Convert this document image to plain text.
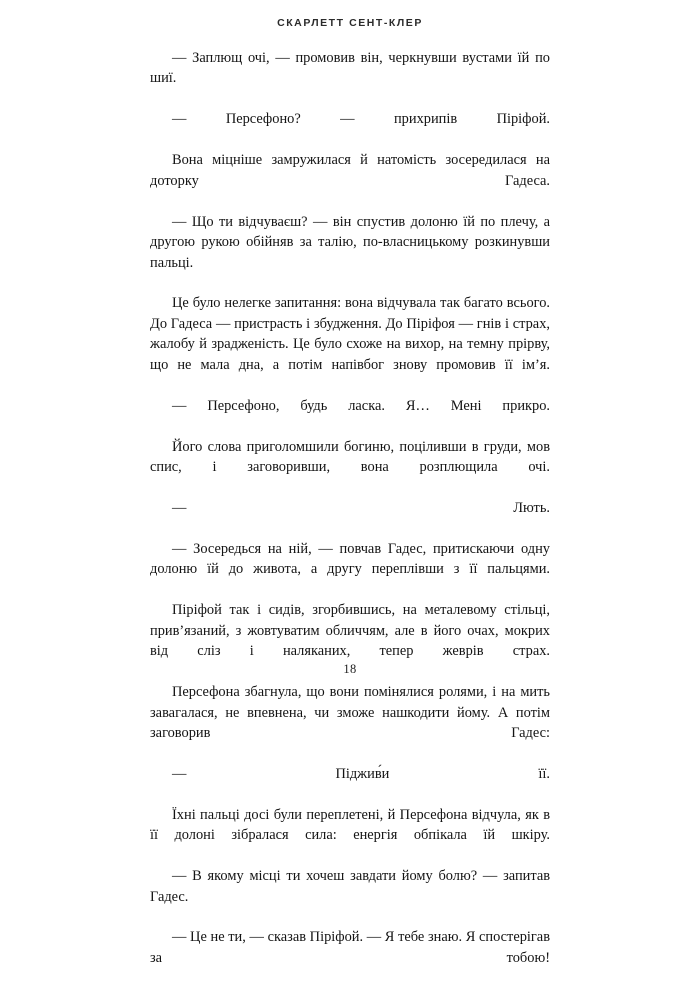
СКАРЛЕТТ СЕНТ-КЛЕР

— Заплющ очі, — промовив він, черкнувши вустами їй по шиї.

— Персефоно? — прихрипів Піріфой.

Вона міцніше замружилася й натомість зосередилася на доторку Гадеса.

— Що ти відчуваєш? — він спустив долоню їй по плечу, а другою рукою обійняв за талію, по-власницькому розкинувши пальці.

Це було нелегке запитання: вона відчувала так багато всього. До Гадеса — пристрасть і збудження. До Піріфоя — гнів і страх, жалобу й зрадженість. Це було схоже на вихор, на темну прірву, що не мала дна, а потім напівбог знову промовив її ім’я.

— Персефоно, будь ласка. Я… Мені прикро.

Його слова приголомшили богиню, поціливши в груди, мов спис, і заговоривши, вона розплющила очі.

— Лють.

— Зосередься на ній, — повчав Гадес, притискаючи одну долоню їй до живота, а другу переплівши з її пальцями.

Піріфой так і сидів, згорбившись, на металевому стільці, прив’язаний, з жовтуватим обличчям, але в його очах, мокрих від сліз і наляканих, тепер жеврів страх.

Персефона збагнула, що вони помінялися ролями, і на мить завагалася, не впевнена, чи зможе нашкодити йому. А потім заговорив Гадес:

— Піджив́и її.

Їхні пальці досі були переплетені, й Персефона відчула, як в її долоні зібралася сила: енергія обпікала їй шкіру.

— В якому місці ти хочеш завдати йому болю? — запитав Гадес.

— Це не ти, — сказав Піріфой. — Я тебе знаю. Я спостерігав за тобою!

18
